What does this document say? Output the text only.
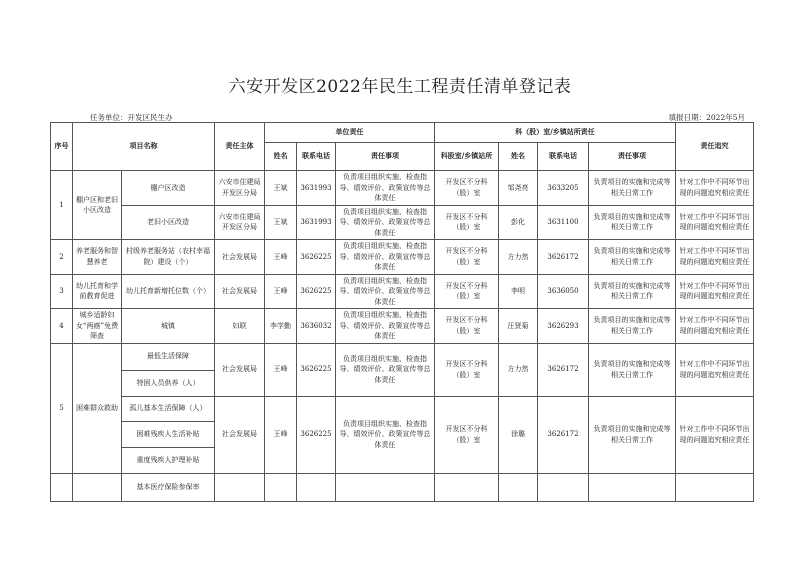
六安开发区2022年民生工程责任清单登记表
任务单位：开发区民生办	填报日期：2022年5月
序号	项目名称		责任主体	单位责任			科（股）室/乡镇站所责任				责任追究
				姓名	联系电话	责任事项	科股室/乡镇站所	姓名	联系电话	责任事项	
1	棚户区和老旧小区改造	棚户区改造	六安市住建局开发区分局	王斌	3631993	负责项目组织实施、检查指导、绩效评价、政策宣传等总体责任	开发区不分科（股）室	邹尧亮	3633205	负责项目的实施和完成等相关日常工作	针对工作中不同环节出现的问题追究相应责任
		老旧小区改造	六安市住建局开发区分局	王斌	3631993	负责项目组织实施、检查指导、绩效评价、政策宣传等总体责任	开发区不分科（股）室	彭化	3631100	负责项目的实施和完成等相关日常工作	针对工作中不同环节出现的问题追究相应责任
2	养老服务和智慧养老	村级养老服务站（农村幸福院）建设（个）	社会发展局	王峰	3626225	负责项目组织实施、检查指导、绩效评价、政策宣传等总体责任	开发区不分科（股）室	方力然	3626172	负责项目的实施和完成等相关日常工作	针对工作中不同环节出现的问题追究相应责任
3	幼儿托育和学前教育促进	幼儿托育新增托位数（个）	社会发展局	王峰	3626225	负责项目组织实施、检查指导、绩效评价、政策宣传等总体责任	开发区不分科（股）室	李明	3636050	负责项目的实施和完成等相关日常工作	针对工作中不同环节出现的问题追究相应责任
4	城乡适龄妇女“两癌”免费筛查	城镇	妇联	李学勤	3636032	负责项目组织实施、检查指导、绩效评价、政策宣传等总体责任	开发区不分科（股）室	汪贤菊	3626293	负责项目的实施和完成等相关日常工作	针对工作中不同环节出现的问题追究相应责任
5	困难群众救助	最低生活保障	社会发展局	王峰	3626225	负责项目组织实施、检查指导、绩效评价、政策宣传等总体责任	开发区不分科（股）室	方力然	3626172	负责项目的实施和完成等相关日常工作	针对工作中不同环节出现的问题追究相应责任
		特困人员供养（人）									
		孤儿基本生活保障（人）	社会发展局	王峰	3626225	负责项目组织实施、检查指导、绩效评价、政策宣传等总体责任	开发区不分科（股）室	徐璐	3626172	负责项目的实施和完成等相关日常工作	针对工作中不同环节出现的问题追究相应责任
		困难残疾人生活补贴									
		重度残疾人护理补贴									
		基本医疗保险参保率									
